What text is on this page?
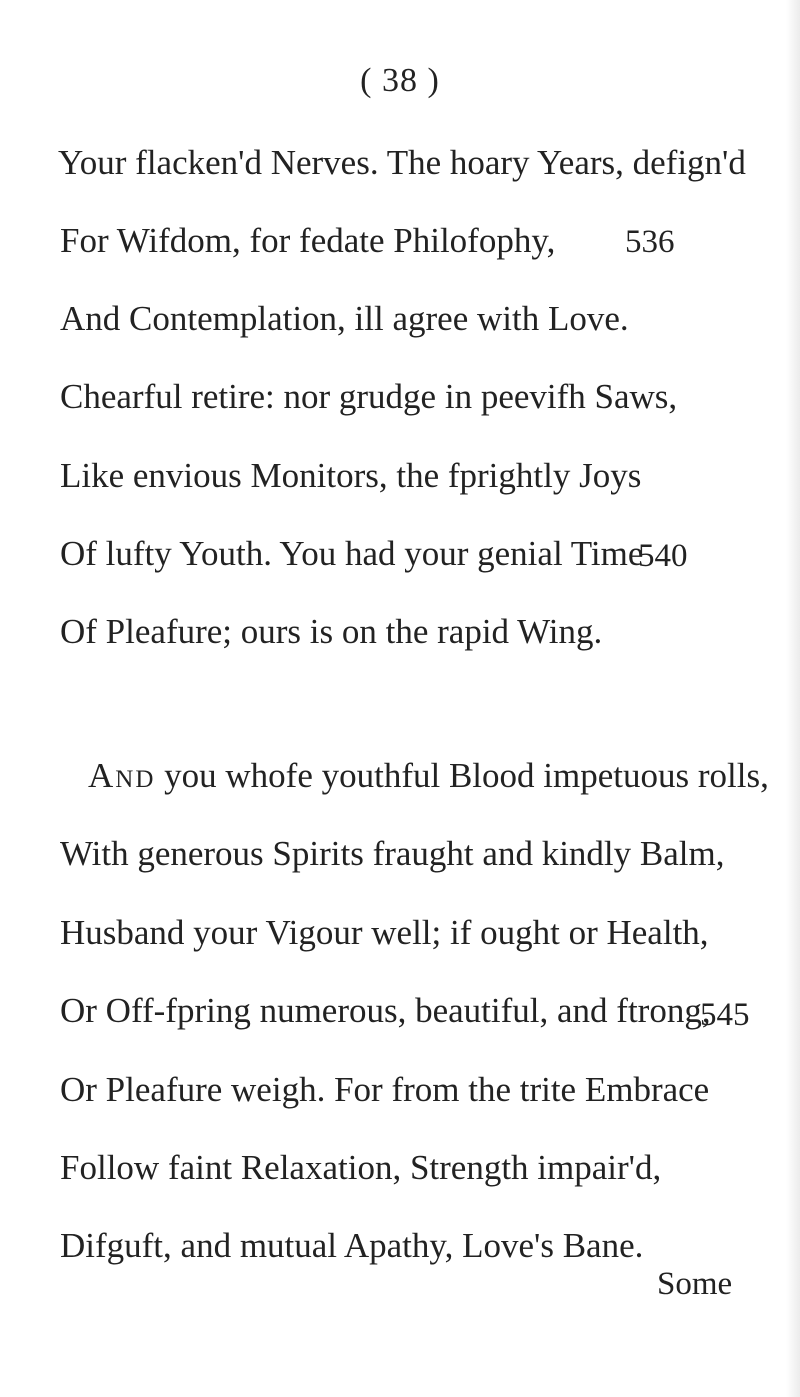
( 38 )
Your flacken'd Nerves. The hoary Years, defign'd
For Wifdom, for fedate Philofophy, 536
And Contemplation, ill agree with Love.
Chearful retire: nor grudge in peevifh Saws,
Like envious Monitors, the fprightly Joys
Of lufty Youth. You had your genial Time
540
Of Pleafure; ours is on the rapid Wing.
And you whofe youthful Blood impetuous rolls,
With generous Spirits fraught and kindly Balm,
Husband your Vigour well; if ought or Health,
Or Off-fpring numerous, beautiful, and ftrong,
545
Or Pleafure weigh. For from the trite Embrace
Follow faint Relaxation, Strength impair'd,
Difguft, and mutual Apathy, Love's Bane.
Some
